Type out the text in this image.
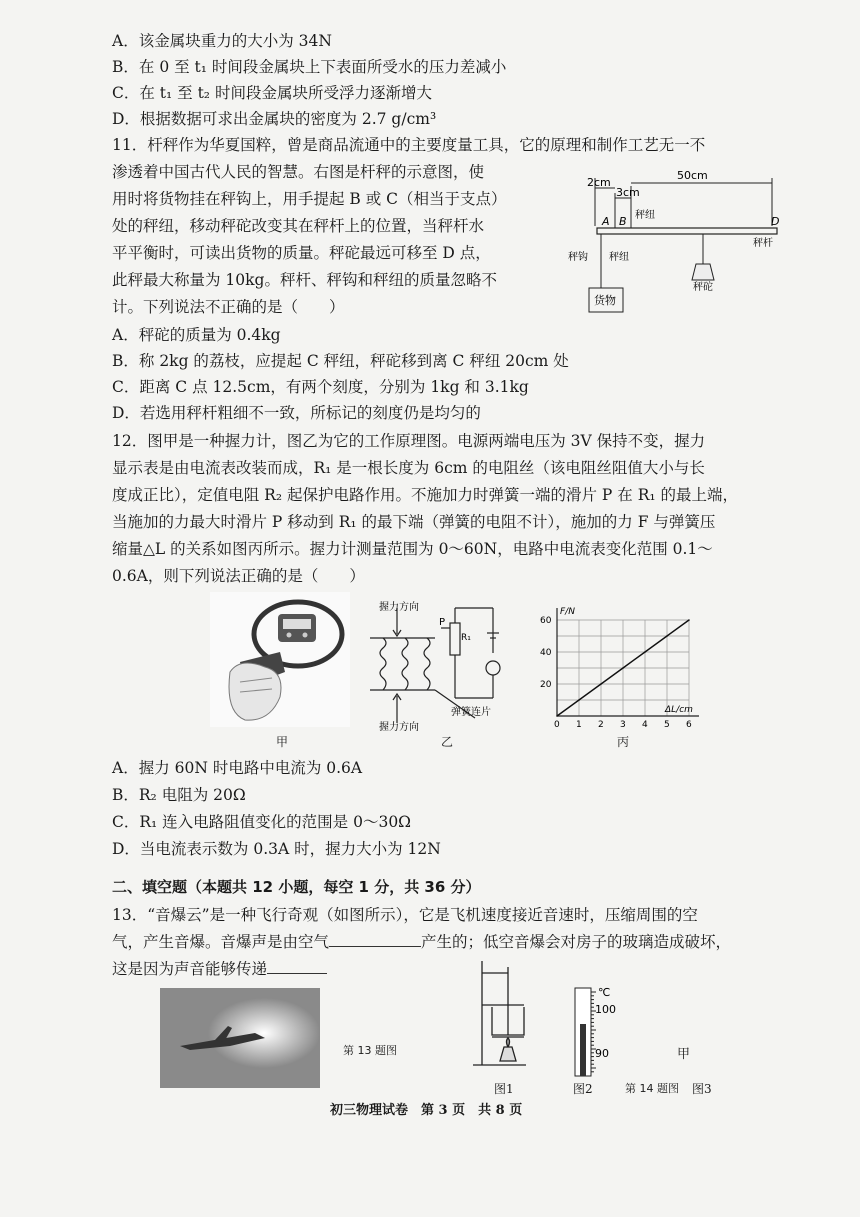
A．该金属块重力的大小为 34N
B．在 0 至 t₁ 时间段金属块上下表面所受水的压力差减小
C．在 t₁ 至 t₂ 时间段金属块所受浮力逐渐增大
D．根据数据可求出金属块的密度为 2.7 g/cm³
11．杆秤作为华夏国粹，曾是商品流通中的主要度量工具，它的原理和制作工艺无一不
渗透着中国古代人民的智慧。右图是杆秤的示意图，使
用时将货物挂在秤钩上，用手提起 B 或 C（相当于支点）
处的秤纽，移动秤砣改变其在秤杆上的位置，当秤杆水
平平衡时，可读出货物的质量。秤砣最远可移至 D 点，
此秤最大称量为 10kg。秤杆、秤钩和秤纽的质量忽略不
计。下列说法不正确的是（　　）
2cm
3cm
50cm
A B	D
秤纽
秤杆
秤钩 秤纽
秤砣
货物
A．秤砣的质量为 0.4kg
B．称 2kg 的荔枝，应提起 C 秤纽，秤砣移到离 C 秤纽 20cm 处
C．距离 C 点 12.5cm，有两个刻度，分别为 1kg 和 3.1kg
D．若选用秤杆粗细不一致，所标记的刻度仍是均匀的
12．图甲是一种握力计，图乙为它的工作原理图。电源两端电压为 3V 保持不变，握力
显示表是由电流表改装而成，R₁ 是一根长度为 6cm 的电阻丝（该电阻丝阻值大小与长
度成正比），定值电阻 R₂ 起保护电路作用。不施加力时弹簧一端的滑片 P 在 R₁ 的最上端，
当施加的力最大时滑片 P 移动到 R₁ 的最下端（弹簧的电阻不计），施加的力 F 与弹簧压
缩量△L 的关系如图丙所示。握力计测量范围为 0～60N，电路中电流表变化范围 0.1～
0.6A，则下列说法正确的是（　　）
甲
握力方向
握力方向
弹簧连片
P
R₁
乙
0 1 2 3 4 5 6
20
40
60
F/N
ΔL/cm
丙
A．握力 60N 时电路中电流为 0.6A
B．R₂ 电阻为 20Ω
C．R₁ 连入电路阻值变化的范围是 0～30Ω
D．当电流表示数为 0.3A 时，握力大小为 12N
二、填空题（本题共 12 小题，每空 1 分，共 36 分）
13．“音爆云”是一种飞行奇观（如图所示），它是飞机速度接近音速时，压缩周围的空
气，产生音爆。音爆声是由空气	产生的；低空音爆会对房子的玻璃造成破坏，
这是因为声音能够传递
第 13 题图
图1
℃
100
90
图2
甲
第 14 题图 图3
初三物理试卷　第 3 页　共 8 页
